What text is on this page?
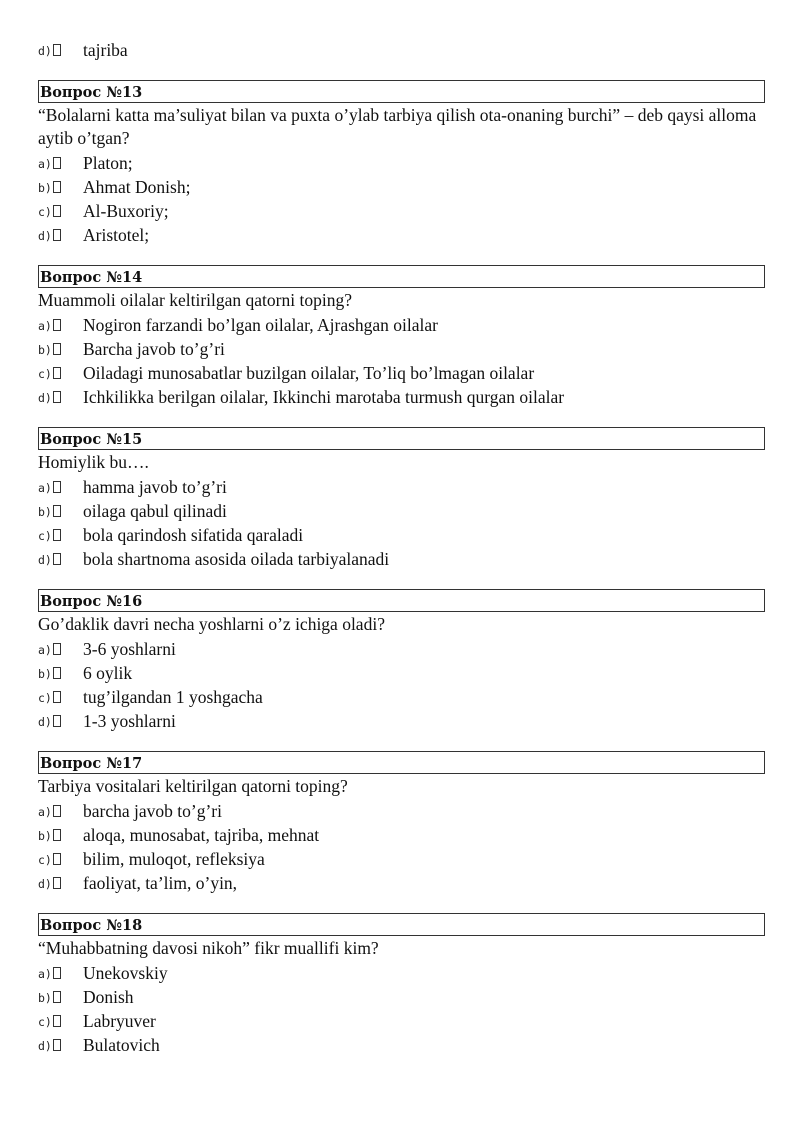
d)	tajriba
Вопрос №13
“Bolalarni katta ma’suliyat bilan va puxta o’ylab tarbiya qilish ota-onaning burchi” – deb qaysi alloma aytib o’tgan?
a)	Platon;
b)	Ahmat Donish;
c)	Al-Buxoriy;
d)	Aristotel;
Вопрос №14
Muammoli oilalar keltirilgan qatorni toping?
a)	Nogiron farzandi bo’lgan oilalar, Ajrashgan oilalar
b)	Barcha javob to’g’ri
c)	Oiladagi munosabatlar buzilgan oilalar, To’liq bo’lmagan oilalar
d)	Ichkilikka berilgan oilalar, Ikkinchi marotaba turmush qurgan oilalar
Вопрос №15
Homiylik bu….
a)	hamma javob to’g’ri
b)	oilaga qabul qilinadi
c)	bola qarindosh sifatida qaraladi
d)	bola shartnoma asosida oilada tarbiyalanadi
Вопрос №16
Go’daklik davri necha yoshlarni o’z ichiga oladi?
a)	3-6 yoshlarni
b)	6 oylik
c)	tug’ilgandan 1 yoshgacha
d)	1-3 yoshlarni
Вопрос №17
Tarbiya vositalari keltirilgan qatorni toping?
a)	barcha javob to’g’ri
b)	aloqa, munosabat, tajriba, mehnat
c)	bilim, muloqot, refleksiya
d)	faoliyat, ta’lim, o’yin,
Вопрос №18
“Muhabbatning davosi nikoh” fikr muallifi kim?
a)	Unekovskiy
b)	Donish
c)	Labryuver
d)	Bulatovich
